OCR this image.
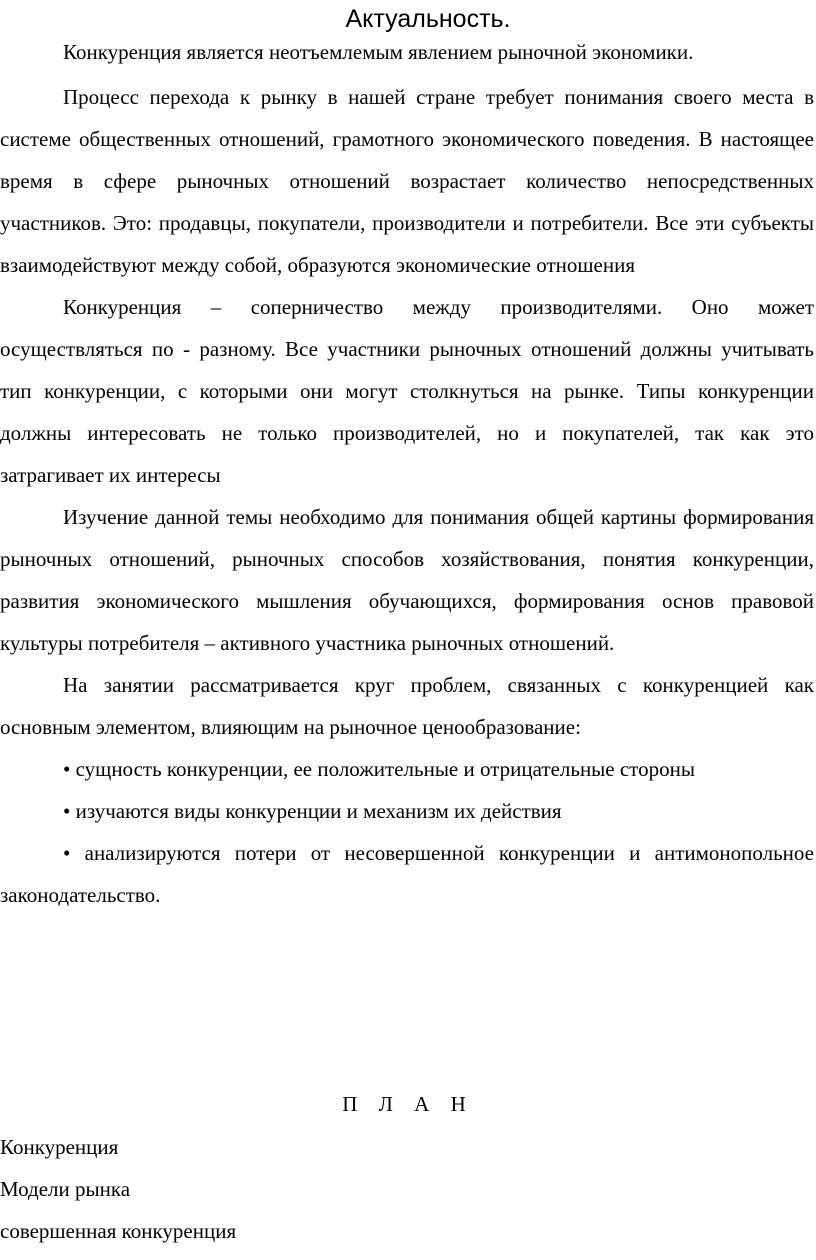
Актуальность.

Конкуренция является неотъемлемым явлением рыночной экономики.

Процесс перехода к рынку в нашей стране требует понимания своего места в системе общественных отношений, грамотного экономического поведения. В настоящее время в сфере рыночных отношений возрастает количество непосредственных участников. Это: продавцы, покупатели, производители и потребители. Все эти субъекты взаимодействуют между собой, образуются экономические отношения

Конкуренция – соперничество между производителями. Оно может осуществляться по - разному. Все участники рыночных отношений должны учитывать тип конкуренции, с которыми они могут столкнуться на рынке. Типы конкуренции должны интересовать не только производителей, но и покупателей, так как это затрагивает их интересы

Изучение данной темы необходимо для понимания общей картины формирования рыночных отношений, рыночных способов хозяйствования, понятия конкуренции, развития экономического мышления обучающихся, формирования основ правовой культуры потребителя – активного участника рыночных отношений.

На занятии рассматривается круг проблем, связанных с конкуренцией как основным элементом, влияющим на рыночное ценообразование:

• сущность конкуренции, ее положительные и отрицательные стороны

• изучаются виды конкуренции и механизм их действия

• анализируются потери от несовершенной конкуренции и антимонопольное законодательство.

П Л А Н
Конкуренция
Модели рынка
совершенная конкуренция
